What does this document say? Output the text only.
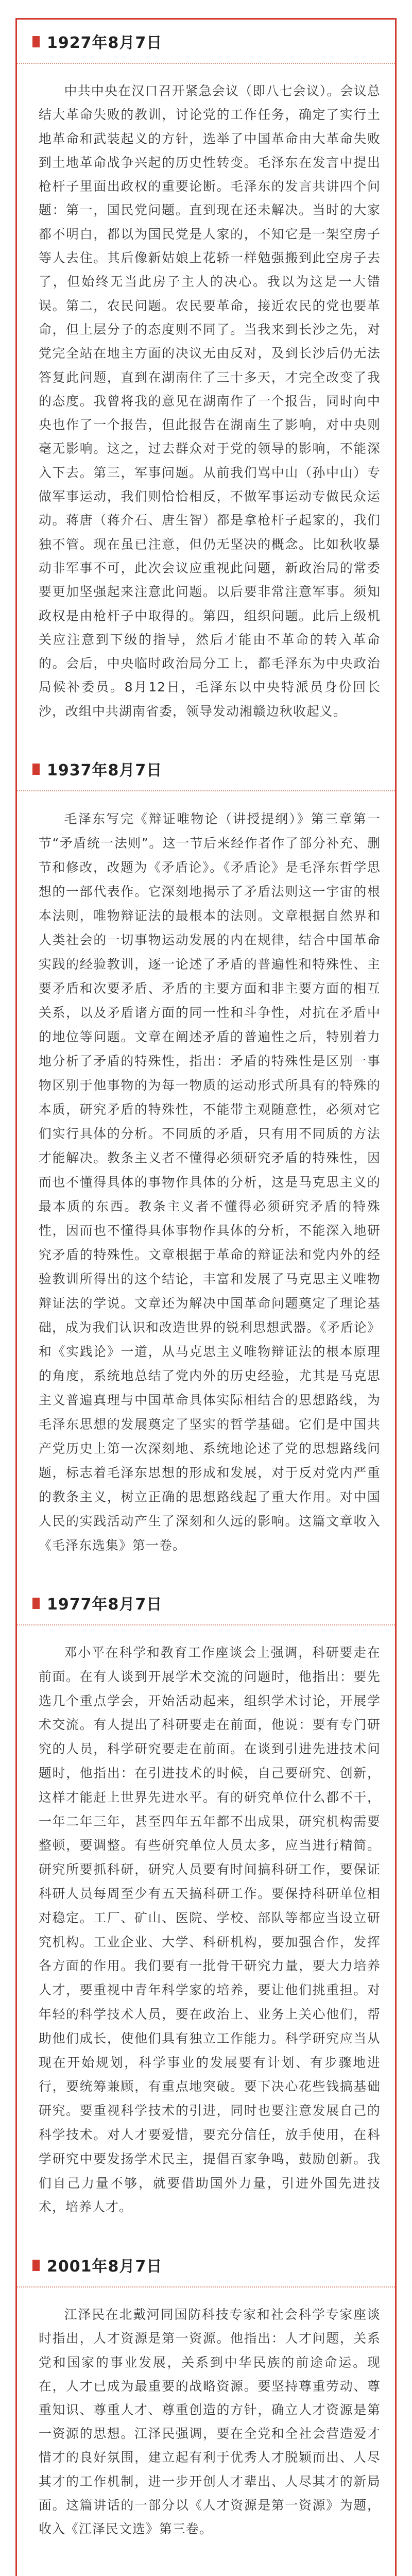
1927年8月7日
中共中央在汉口召开紧急会议（即八七会议）。会议总结大革命失败的教训，讨论党的工作任务，确定了实行土地革命和武装起义的方针，选举了中国革命由大革命失败到土地革命战争兴起的历史性转变。毛泽东在发言中提出枪杆子里面出政权的重要论断。毛泽东的发言共讲四个问题：第一，国民党问题。直到现在还未解决。当时的大家都不明白，都以为国民党是人家的，不知它是一架空房子等人去住。其后像新姑娘上花轿一样勉强搬到此空房子去了，但始终无当此房子主人的决心。我以为这是一大错误。第二，农民问题。农民要革命，接近农民的党也要革命，但上层分子的态度则不同了。当我来到长沙之先，对党完全站在地主方面的决议无由反对，及到长沙后仍无法答复此问题，直到在湖南住了三十多天，才完全改变了我的态度。我曾将我的意见在湖南作了一个报告，同时向中央也作了一个报告，但此报告在湖南生了影响，对中央则毫无影响。这之，过去群众对于党的领导的影响，不能深入下去。第三，军事问题。从前我们骂中山（孙中山）专做军事运动，我们则恰恰相反，不做军事运动专做民众运动。蒋唐（蒋介石、唐生智）都是拿枪杆子起家的，我们独不管。现在虽已注意，但仍无坚决的概念。比如秋收暴动非军事不可，此次会议应重视此问题，新政治局的常委要更加坚强起来注意此问题。以后要非常注意军事。须知政权是由枪杆子中取得的。第四，组织问题。此后上级机关应注意到下级的指导，然后才能由不革命的转入革命的。会后，中央临时政治局分工上，都毛泽东为中央政治局候补委员。8月12日，毛泽东以中央特派员身份回长沙，改组中共湖南省委，领导发动湘赣边秋收起义。
1937年8月7日
毛泽东写完《辩证唯物论（讲授提纲）》第三章第一节“矛盾统一法则”。这一节后来经作者作了部分补充、删节和修改，改题为《矛盾论》。《矛盾论》是毛泽东哲学思想的一部代表作。它深刻地揭示了矛盾法则这一宇宙的根本法则，唯物辩证法的最根本的法则。文章根据自然界和人类社会的一切事物运动发展的内在规律，结合中国革命实践的经验教训，逐一论述了矛盾的普遍性和特殊性、主要矛盾和次要矛盾、矛盾的主要方面和非主要方面的相互关系，以及矛盾诸方面的同一性和斗争性，对抗在矛盾中的地位等问题。文章在阐述矛盾的普遍性之后，特别着力地分析了矛盾的特殊性，指出：矛盾的特殊性是区别一事物区别于他事物的为每一物质的运动形式所具有的特殊的本质，研究矛盾的特殊性，不能带主观随意性，必须对它们实行具体的分析。不同质的矛盾，只有用不同质的方法才能解决。教条主义者不懂得必须研究矛盾的特殊性，因而也不懂得具体的事物作具体的分析，这是马克思主义的最本质的东西。教条主义者不懂得必须研究矛盾的特殊性，因而也不懂得具体事物作具体的分析，不能深入地研究矛盾的特殊性。文章根据于革命的辩证法和党内外的经验教训所得出的这个结论，丰富和发展了马克思主义唯物辩证法的学说。文章还为解决中国革命问题奠定了理论基础，成为我们认识和改造世界的锐利思想武器。《矛盾论》和《实践论》一道，从马克思主义唯物辩证法的根本原理的角度，系统地总结了党内外的历史经验，尤其是马克思主义普遍真理与中国革命具体实际相结合的思想路线，为毛泽东思想的发展奠定了坚实的哲学基础。它们是中国共产党历史上第一次深刻地、系统地论述了党的思想路线问题，标志着毛泽东思想的形成和发展，对于反对党内严重的教条主义，树立正确的思想路线起了重大作用。对中国人民的实践活动产生了深刻和久远的影响。这篇文章收入《毛泽东选集》第一卷。
1977年8月7日
邓小平在科学和教育工作座谈会上强调，科研要走在前面。在有人谈到开展学术交流的问题时，他指出：要先选几个重点学会，开始活动起来，组织学术讨论，开展学术交流。有人提出了科研要走在前面，他说：要有专门研究的人员，科学研究要走在前面。在谈到引进先进技术问题时，他指出：在引进技术的时候，自己要研究、创新，这样才能赶上世界先进水平。有的研究单位什么都不干，一年二年三年，甚至四年五年都不出成果，研究机构需要整顿，要调整。有些研究单位人员太多，应当进行精简。研究所要抓科研，研究人员要有时间搞科研工作，要保证科研人员每周至少有五天搞科研工作。要保持科研单位相对稳定。工厂、矿山、医院、学校、部队等都应当设立研究机构。工业企业、大学、科研机构，要加强合作，发挥各方面的作用。我们要有一批骨干研究力量，要大力培养人才，要重视中青年科学家的培养，要让他们挑重担。对年轻的科学技术人员，要在政治上、业务上关心他们，帮助他们成长，使他们具有独立工作能力。科学研究应当从现在开始规划，科学事业的发展要有计划、有步骤地进行，要统筹兼顾，有重点地突破。要下决心花些钱搞基础研究。要重视科学技术的引进，同时也要注意发展自己的科学技术。对人才要爱惜，要充分信任，放手使用，在科学研究中要发扬学术民主，提倡百家争鸣，鼓励创新。我们自己力量不够，就要借助国外力量，引进外国先进技术，培养人才。
2001年8月7日
江泽民在北戴河同国防科技专家和社会科学专家座谈时指出，人才资源是第一资源。他指出：人才问题，关系党和国家的事业发展，关系到中华民族的前途命运。现在，人才已成为最重要的战略资源。要坚持尊重劳动、尊重知识、尊重人才、尊重创造的方针，确立人才资源是第一资源的思想。江泽民强调，要在全党和全社会营造爱才惜才的良好氛围，建立起有利于优秀人才脱颖而出、人尽其才的工作机制，进一步开创人才辈出、人尽其才的新局面。这篇讲话的一部分以《人才资源是第一资源》为题，收入《江泽民文选》第三卷。
